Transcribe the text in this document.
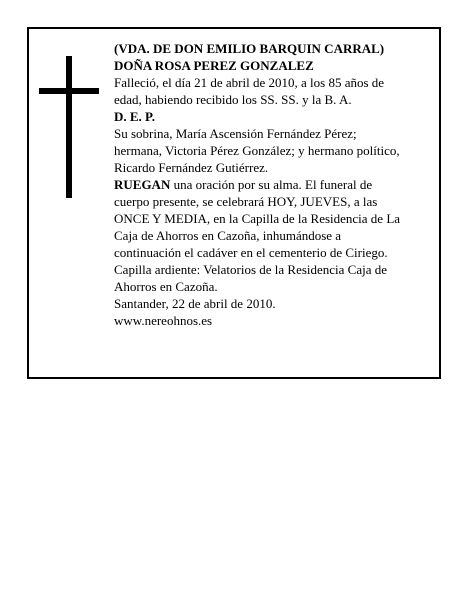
(VDA. DE DON EMILIO BARQUIN CARRAL)
DOÑA ROSA PEREZ GONZALEZ
Falleció, el día 21 de abril de 2010, a los 85 años de
edad, habiendo recibido los SS. SS. y la B. A.
D. E. P.
Su sobrina, María Ascensión Fernández Pérez;
hermana, Victoria Pérez González; y hermano político,
Ricardo Fernández Gutiérrez.
RUEGAN una oración por su alma. El funeral de
cuerpo presente, se celebrará HOY, JUEVES, a las
ONCE Y MEDIA, en la Capilla de la Residencia de La
Caja de Ahorros en Cazoña, inhumándose a
continuación el cadáver en el cementerio de Ciriego.
Capilla ardiente: Velatorios de la Residencia Caja de
Ahorros en Cazoña.
Santander, 22 de abril de 2010.
www.nereohnos.es
